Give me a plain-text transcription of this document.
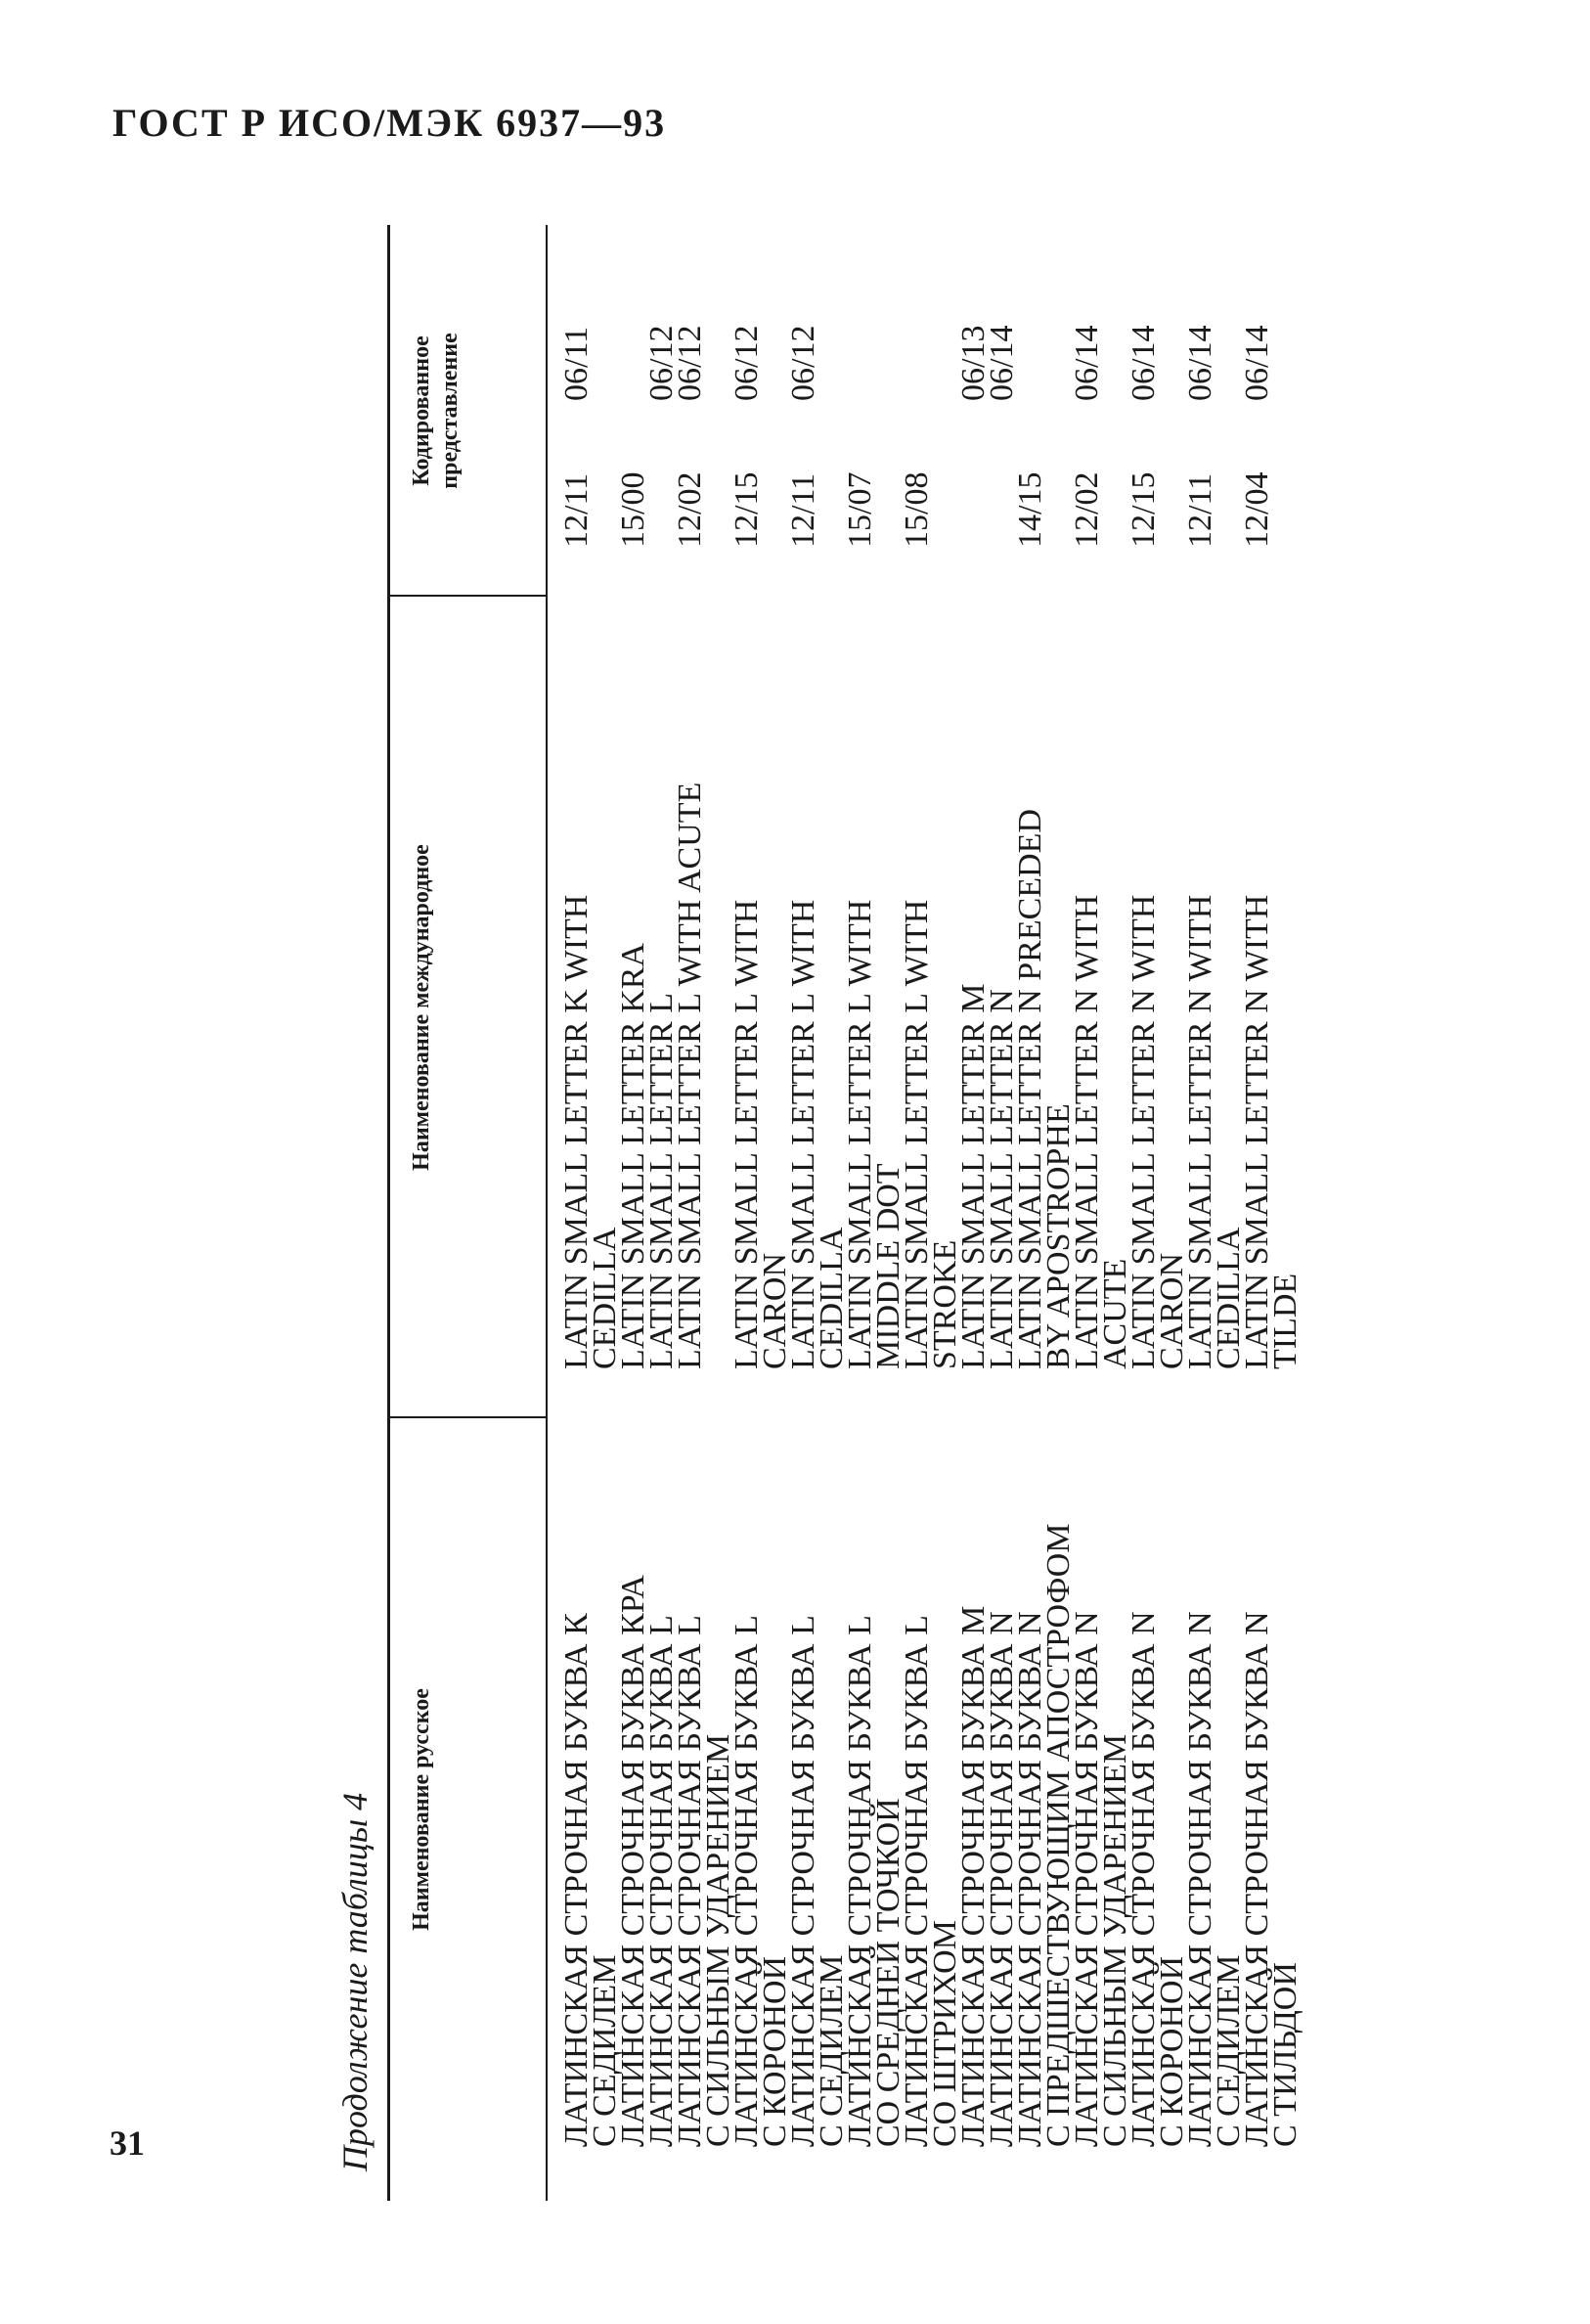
ГОСТ Р ИСО/МЭК 6937—93
31	Продолжение таблицы 4 Наименование русское
Наименование международное
Кодированное представление
ЛАТИНСКАЯ СТРОЧНАЯ БУКВА К
С СЕДИЛЕМ
LATIN SMALL LETTER K WITH
CEDILLA
12/11
06/11
ЛАТИНСКАЯ СТРОЧНАЯ БУКВА КРА
LATIN SMALL LETTER KRA
15/00
ЛАТИНСКАЯ СТРОЧНАЯ БУКВА L
LATIN SMALL LETTER L
06/12
ЛАТИНСКАЯ СТРОЧНАЯ БУКВА L
С СИЛЬНЫМ УДАРЕНИЕМ
LATIN SMALL LETTER L WITH ACUTE
12/02
06/12
ЛАТИНСКАЯ СТРОЧНАЯ БУКВА L
С КОРОНОЙ
LATIN SMALL LETTER L WITH
CARON
12/15
06/12
ЛАТИНСКАЯ СТРОЧНАЯ БУКВА L
С СЕДИЛЕМ
LATIN SMALL LETTER L WITH
CEDILLA
12/11
06/12
ЛАТИНСКАЯ СТРОЧНАЯ БУКВА L
СО СРЕДНЕЙ ТОЧКОЙ
LATIN SMALL LETTER L WITH
MIDDLE DOT
15/07
ЛАТИНСКАЯ СТРОЧНАЯ БУКВА L
СО ШТРИХОМ
LATIN SMALL LETTER L WITH
STROKE
15/08
ЛАТИНСКАЯ СТРОЧНАЯ БУКВА M
LATIN SMALL LETTER M
06/13
ЛАТИНСКАЯ СТРОЧНАЯ БУКВА N
LATIN SMALL LETTER N
06/14
ЛАТИНСКАЯ СТРОЧНАЯ БУКВА N
С ПРЕДШЕСТВУЮЩИМ АПОСТРОФОМ
LATIN SMALL LETTER N PRECEDED
BY APOSTROPHE
14/15
ЛАТИНСКАЯ СТРОЧНАЯ БУКВА N
С СИЛЬНЫМ УДАРЕНИЕМ
LATIN SMALL LETTER N WITH
ACUTE
12/02
06/14
ЛАТИНСКАЯ СТРОЧНАЯ БУКВА N
С КОРОНОЙ
LATIN SMALL LETTER N WITH
CARON
12/15
06/14
ЛАТИНСКАЯ СТРОЧНАЯ БУКВА N
С СЕДИЛЕМ
LATIN SMALL LETTER N WITH
CEDILLA
12/11
06/14
ЛАТИНСКАЯ СТРОЧНАЯ БУКВА N
С ТИЛЬДОЙ
LATIN SMALL LETTER N WITH
TILDE
12/04
06/14
